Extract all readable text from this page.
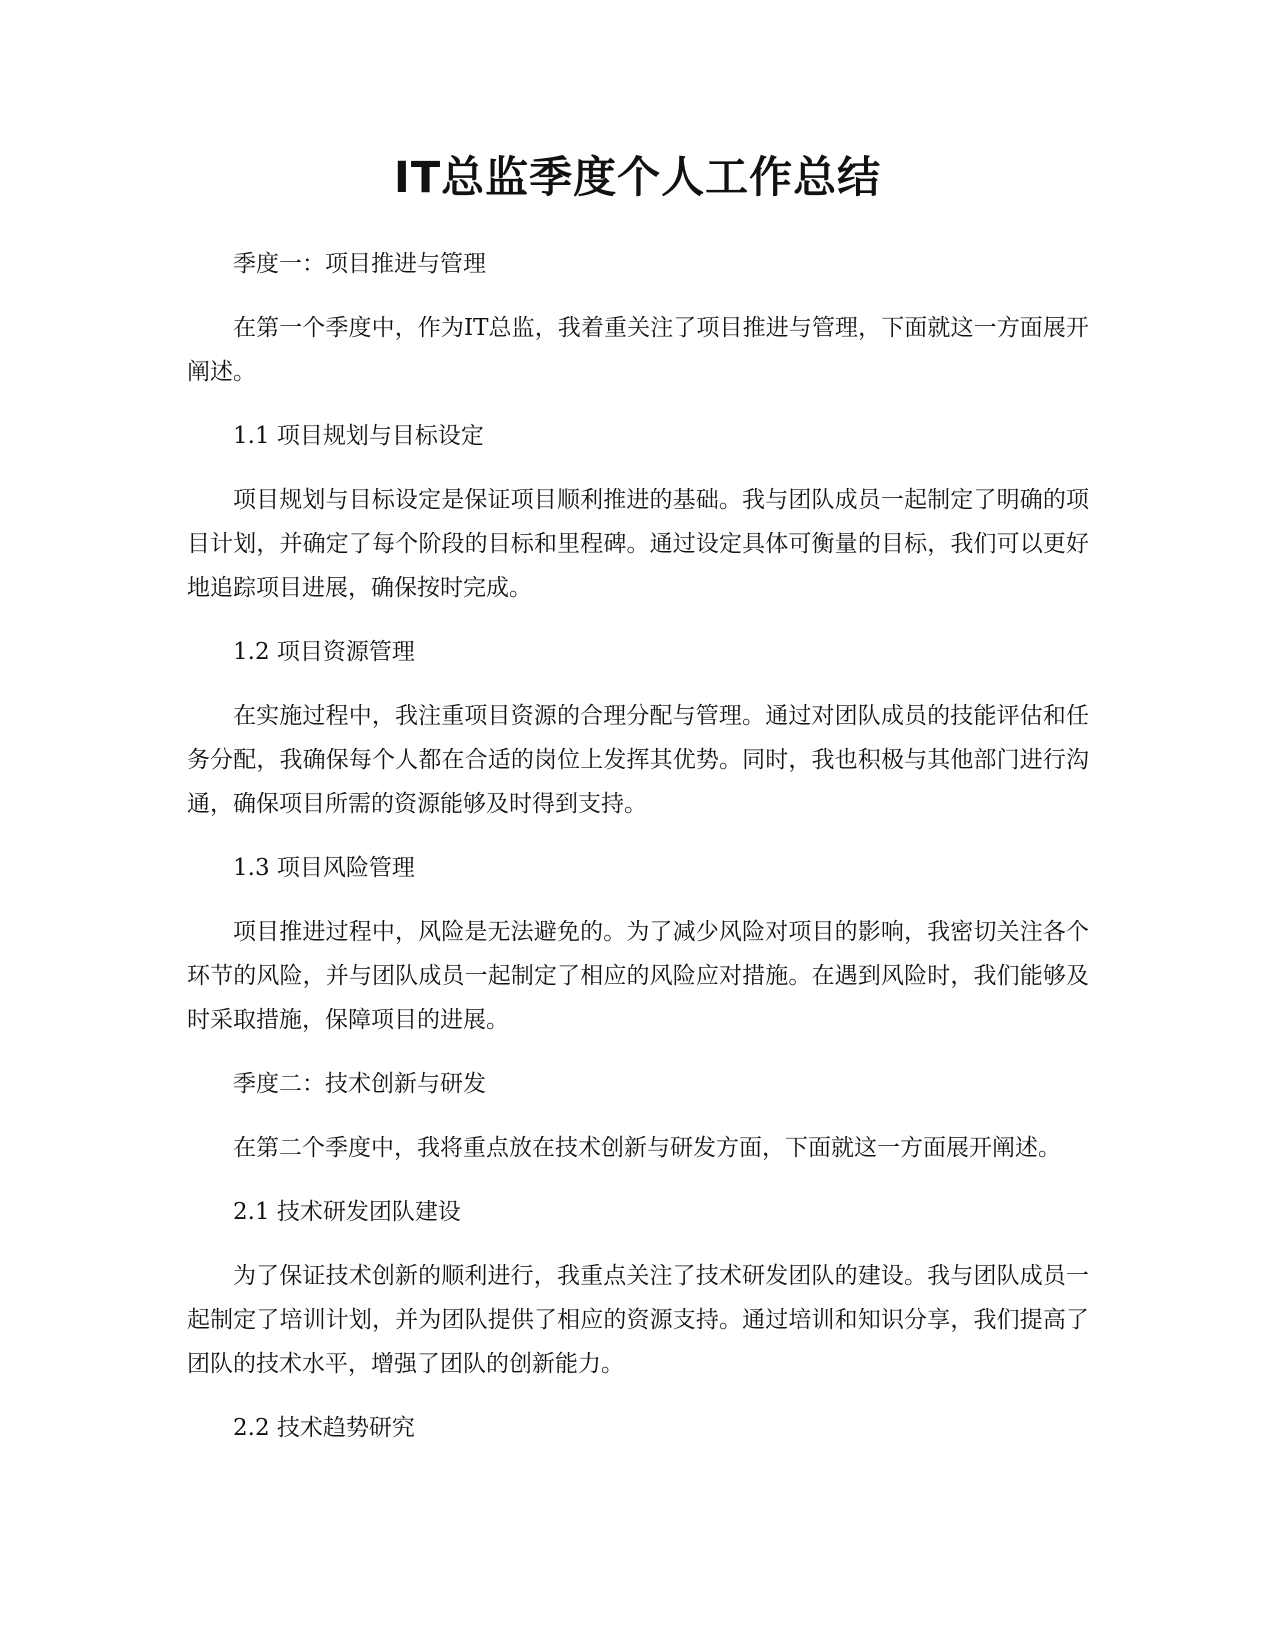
IT总监季度个人工作总结

季度一：项目推进与管理

在第一个季度中，作为IT总监，我着重关注了项目推进与管理，下面就这一方面展开阐述。

1.1 项目规划与目标设定

项目规划与目标设定是保证项目顺利推进的基础。我与团队成员一起制定了明确的项目计划，并确定了每个阶段的目标和里程碑。通过设定具体可衡量的目标，我们可以更好地追踪项目进展，确保按时完成。

1.2 项目资源管理

在实施过程中，我注重项目资源的合理分配与管理。通过对团队成员的技能评估和任务分配，我确保每个人都在合适的岗位上发挥其优势。同时，我也积极与其他部门进行沟通，确保项目所需的资源能够及时得到支持。

1.3 项目风险管理

项目推进过程中，风险是无法避免的。为了减少风险对项目的影响，我密切关注各个环节的风险，并与团队成员一起制定了相应的风险应对措施。在遇到风险时，我们能够及时采取措施，保障项目的进展。

季度二：技术创新与研发

在第二个季度中，我将重点放在技术创新与研发方面，下面就这一方面展开阐述。

2.1 技术研发团队建设

为了保证技术创新的顺利进行，我重点关注了技术研发团队的建设。我与团队成员一起制定了培训计划，并为团队提供了相应的资源支持。通过培训和知识分享，我们提高了团队的技术水平，增强了团队的创新能力。

2.2 技术趋势研究
